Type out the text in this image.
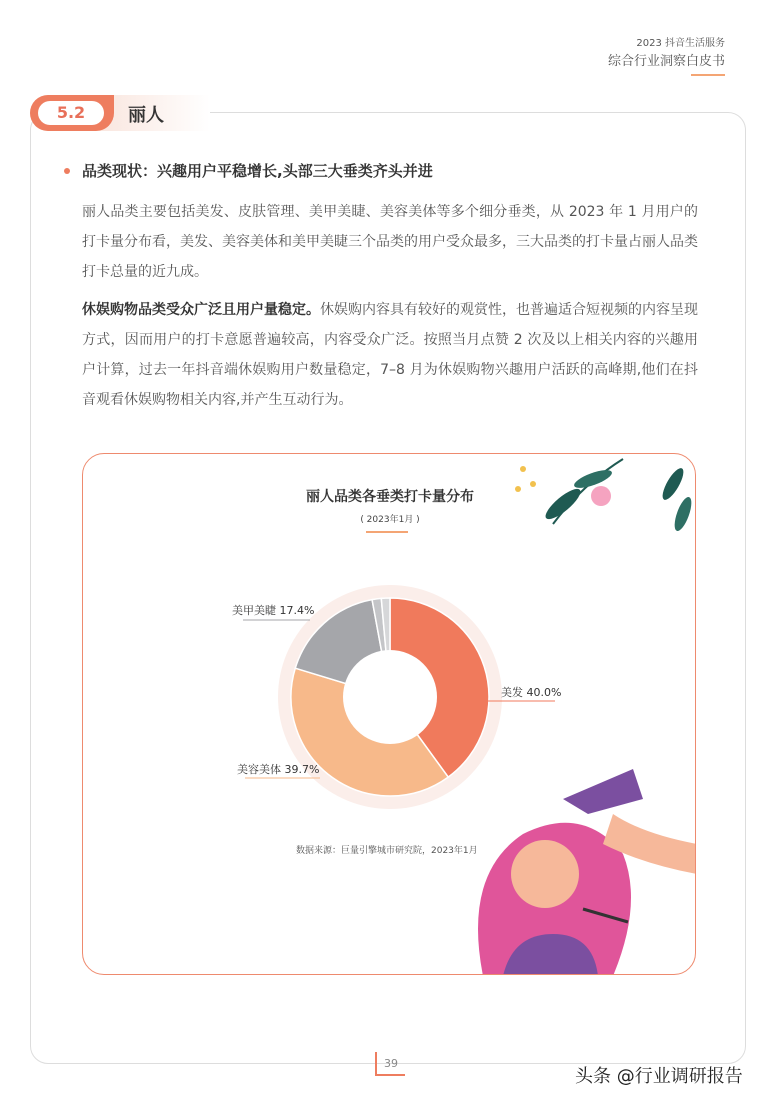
2023 抖音生活服务
综合行业洞察白皮书
5.2	丽人
品类现状：兴趣用户平稳增长,头部三大垂类齐头并进

丽人品类主要包括美发、皮肤管理、美甲美睫、美容美体等多个细分垂类，从 2023 年 1 月用户的打卡量分布看，美发、美容美体和美甲美睫三个品类的用户受众最多，三大品类的打卡量占丽人品类打卡总量的近九成。

休娱购物品类受众广泛且用户量稳定。休娱购内容具有较好的观赏性，也普遍适合短视频的内容呈现方式，因而用户的打卡意愿普遍较高，内容受众广泛。按照当月点赞 2 次及以上相关内容的兴趣用户计算，过去一年抖音端休娱购用户数量稳定，7–8 月为休娱购物兴趣用户活跃的高峰期,他们在抖音观看休娱购物相关内容,并产生互动行为。

丽人品类各垂类打卡量分布
( 2023年1月 )
美发 40.0%
美容美体 39.7%
美甲美睫 17.4%
数据来源：巨量引擎城市研究院，2023年1月
39
头条 @行业调研报告
